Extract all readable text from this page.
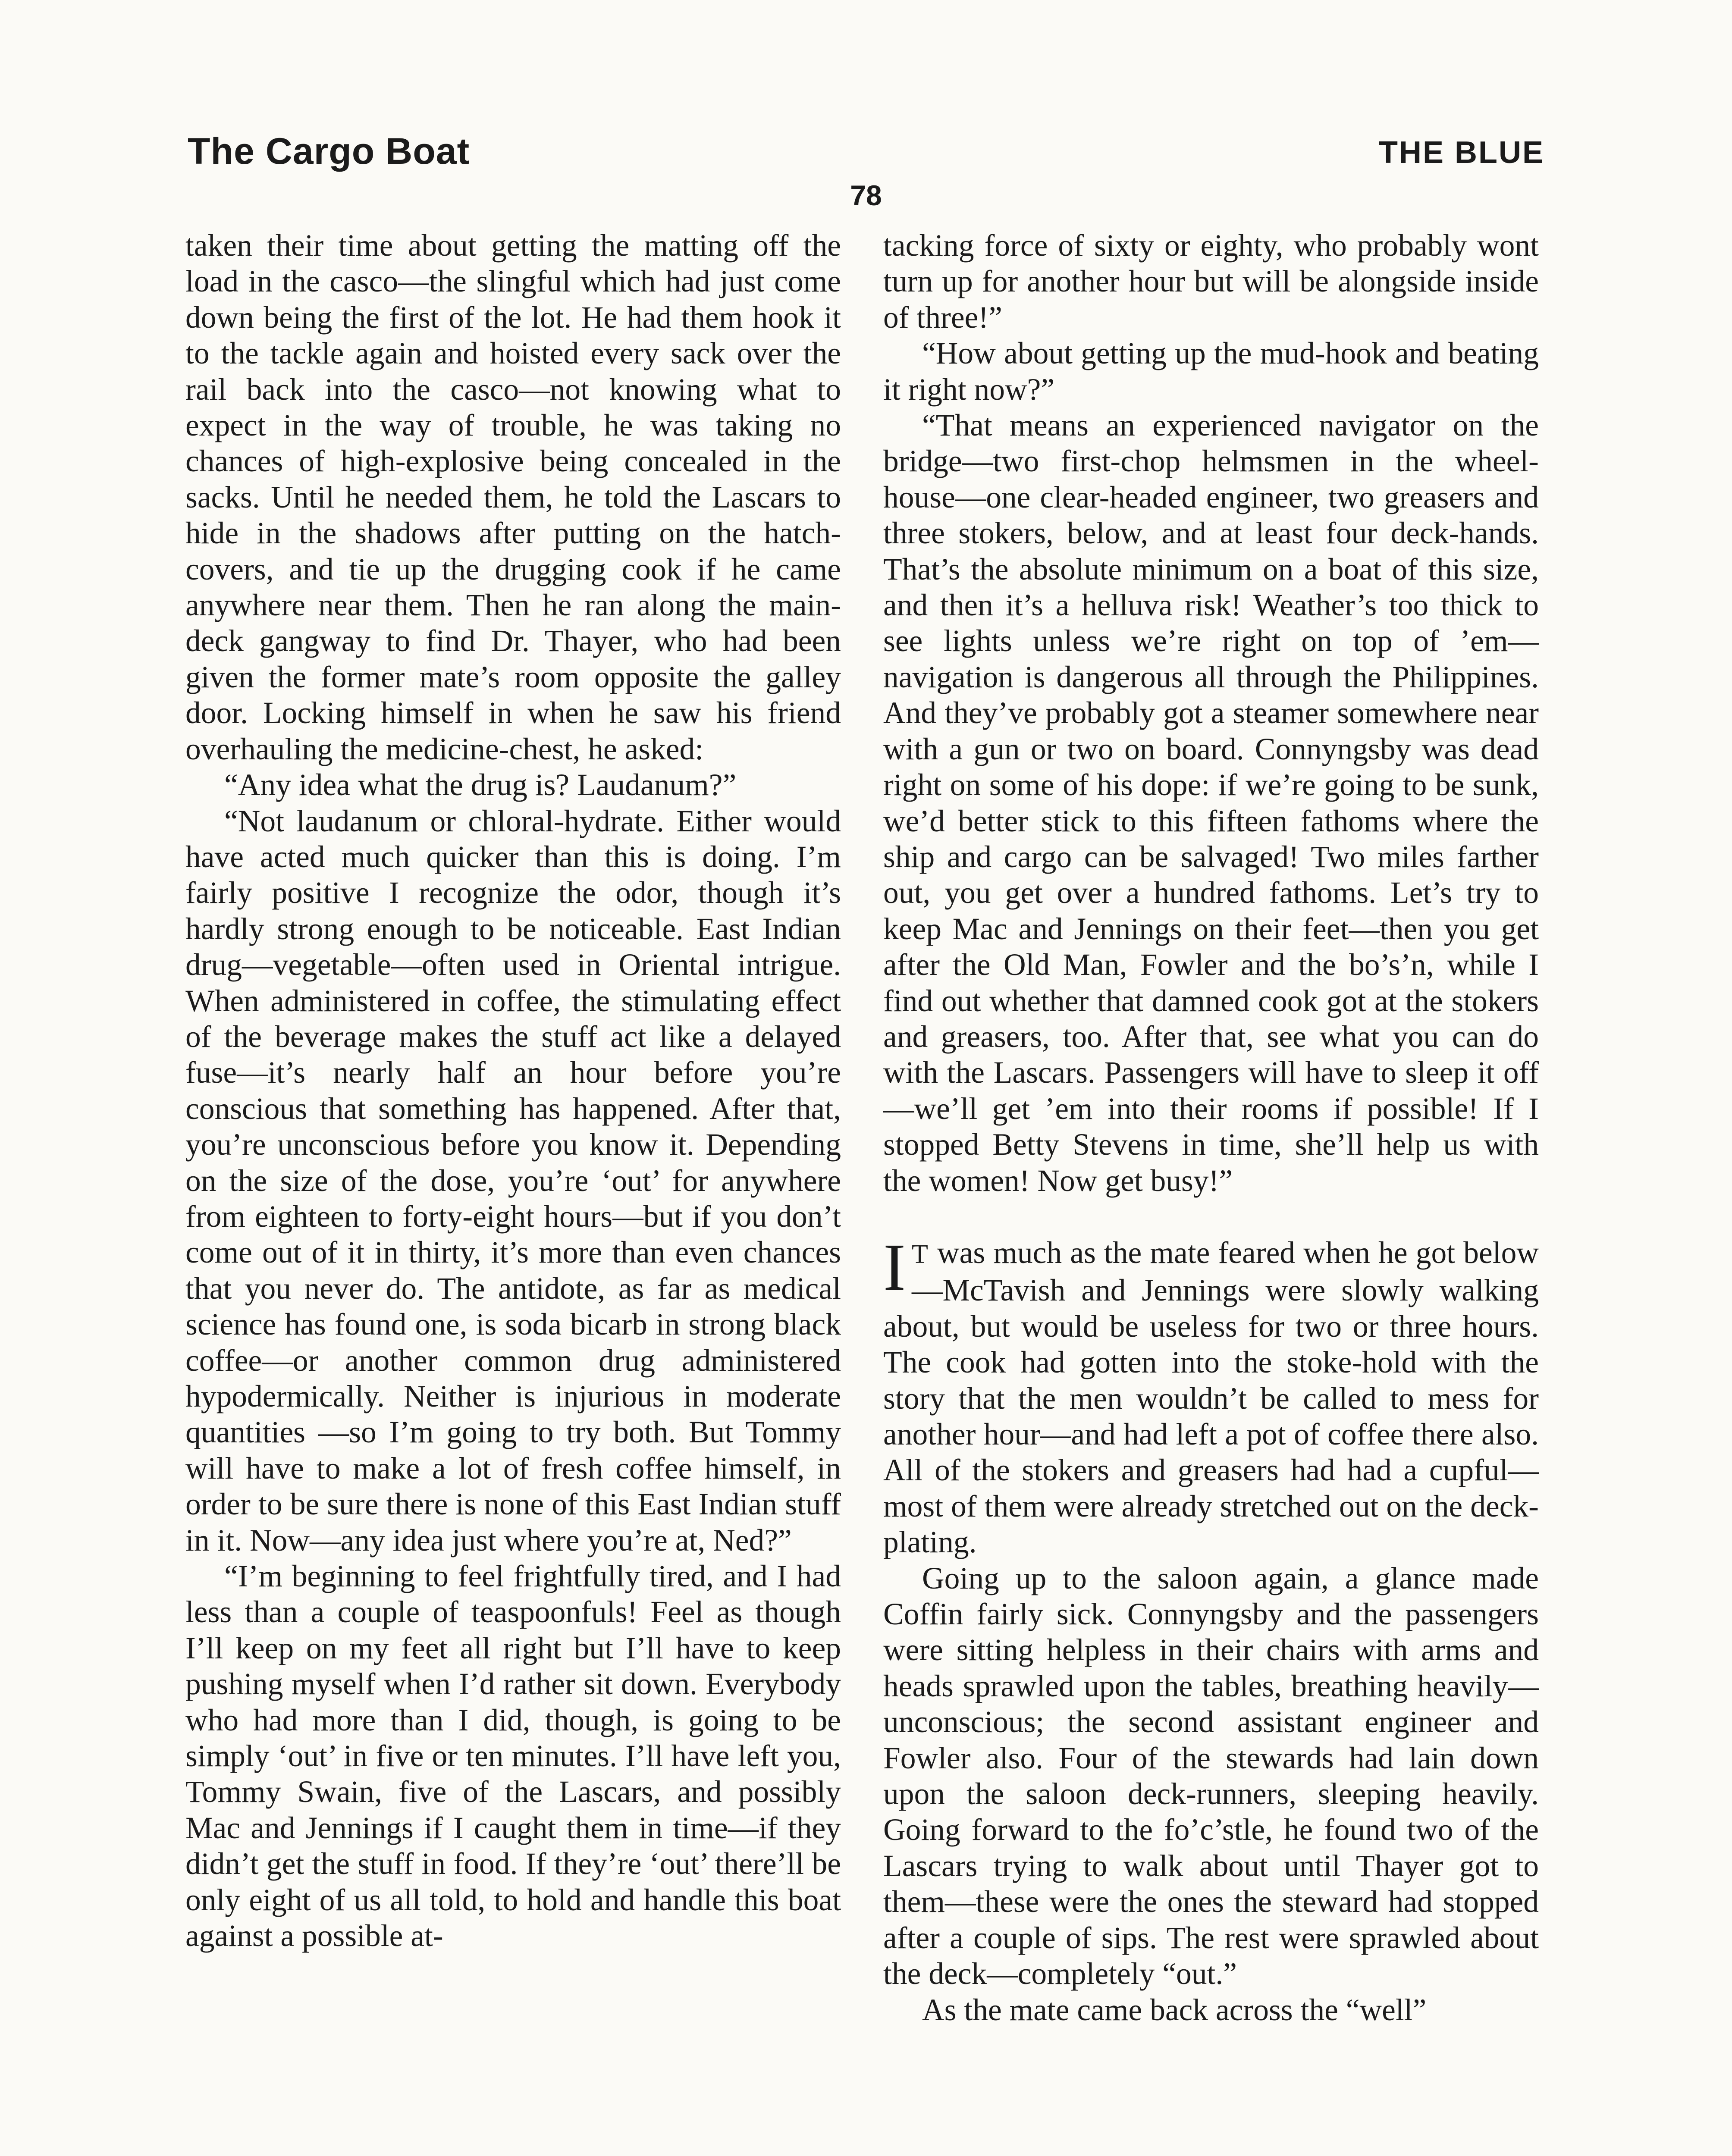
The Cargo Boat	THE BLUE
78

taken their time about getting the matting off the load in the casco—the slingful which had just come down being the first of the lot. He had them hook it to the tackle again and hoisted every sack over the rail back into the casco—not knowing what to expect in the way of trouble, he was taking no chances of high-explosive being concealed in the sacks. Until he needed them, he told the Lascars to hide in the shadows after putting on the hatch-covers, and tie up the drugging cook if he came anywhere near them. Then he ran along the main-deck gangway to find Dr. Thayer, who had been given the former mate’s room opposite the galley door. Locking himself in when he saw his friend overhauling the medicine-chest, he asked:

“Any idea what the drug is? Laudanum?”

“Not laudanum or chloral-hydrate. Either would have acted much quicker than this is doing. I’m fairly positive I recognize the odor, though it’s hardly strong enough to be noticeable. East Indian drug—vegetable—often used in Oriental intrigue. When administered in coffee, the stimulating effect of the beverage makes the stuff act like a delayed fuse—it’s nearly half an hour before you’re conscious that something has happened. After that, you’re unconscious before you know it. Depending on the size of the dose, you’re ‘out’ for anywhere from eighteen to forty-eight hours—but if you don’t come out of it in thirty, it’s more than even chances that you never do. The antidote, as far as medical science has found one, is soda bicarb in strong black coffee—or another common drug administered hypodermically. Neither is injurious in moderate quantities —so I’m going to try both. But Tommy will have to make a lot of fresh coffee himself, in order to be sure there is none of this East Indian stuff in it. Now—any idea just where you’re at, Ned?”

“I’m beginning to feel frightfully tired, and I had less than a couple of teaspoonfuls! Feel as though I’ll keep on my feet all right but I’ll have to keep pushing myself when I’d rather sit down. Everybody who had more than I did, though, is going to be simply ‘out’ in five or ten minutes. I’ll have left you, Tommy Swain, five of the Lascars, and possibly Mac and Jennings if I caught them in time—if they didn’t get the stuff in food. If they’re ‘out’ there’ll be only eight of us all told, to hold and handle this boat against a possible at-

tacking force of sixty or eighty, who probably wont turn up for another hour but will be alongside inside of three!”

“How about getting up the mud-hook and beating it right now?”

“That means an experienced navigator on the bridge—two first-chop helmsmen in the wheel-house—one clear-headed engineer, two greasers and three stokers, below, and at least four deck-hands. That’s the absolute minimum on a boat of this size, and then it’s a helluva risk! Weather’s too thick to see lights unless we’re right on top of ’em—navigation is dangerous all through the Philippines. And they’ve probably got a steamer somewhere near with a gun or two on board. Connyngsby was dead right on some of his dope: if we’re going to be sunk, we’d better stick to this fifteen fathoms where the ship and cargo can be salvaged! Two miles farther out, you get over a hundred fathoms. Let’s try to keep Mac and Jennings on their feet—then you get after the Old Man, Fowler and the bo’s’n, while I find out whether that damned cook got at the stokers and greasers, too. After that, see what you can do with the Lascars. Passengers will have to sleep it off—we’ll get ’em into their rooms if possible! If I stopped Betty Stevens in time, she’ll help us with the women! Now get busy!”

I T was much as the mate feared when he got below—McTavish and Jennings were slowly walking about, but would be useless for two or three hours. The cook had gotten into the stoke-hold with the story that the men wouldn’t be called to mess for another hour—and had left a pot of coffee there also. All of the stokers and greasers had had a cupful—most of them were already stretched out on the deck-plating.

Going up to the saloon again, a glance made Coffin fairly sick. Connyngsby and the passengers were sitting helpless in their chairs with arms and heads sprawled upon the tables, breathing heavily—unconscious; the second assistant engineer and Fowler also. Four of the stewards had lain down upon the saloon deck-runners, sleeping heavily. Going forward to the fo’c’stle, he found two of the Lascars trying to walk about until Thayer got to them—these were the ones the steward had stopped after a couple of sips. The rest were sprawled about the deck—completely “out.”

As the mate came back across the “well”
